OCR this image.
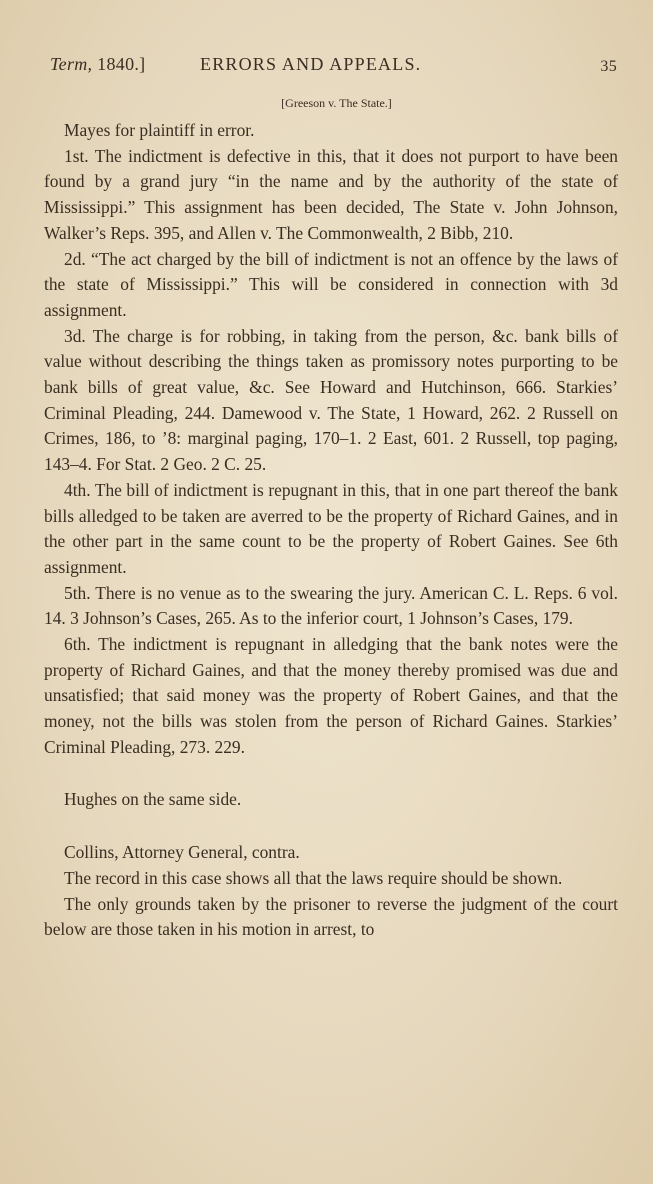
Term, 1840.]	ERRORS AND APPEALS.	35
[Greeson v. The State.]

Mayes for plaintiff in error.

1st. The indictment is defective in this, that it does not purport to have been found by a grand jury “in the name and by the authority of the state of Mississippi.” This assignment has been decided, The State v. John Johnson, Walker’s Reps. 395, and Allen v. The Commonwealth, 2 Bibb, 210.

2d. “The act charged by the bill of indictment is not an offence by the laws of the state of Mississippi.” This will be considered in connection with 3d assignment.

3d. The charge is for robbing, in taking from the person, &c. bank bills of value without describing the things taken as promissory notes purporting to be bank bills of great value, &c. See Howard and Hutchinson, 666. Starkies’ Criminal Pleading, 244. Damewood v. The State, 1 Howard, 262. 2 Russell on Crimes, 186, to ’8: marginal paging, 170–1. 2 East, 601. 2 Russell, top paging, 143–4. For Stat. 2 Geo. 2 C. 25.

4th. The bill of indictment is repugnant in this, that in one part thereof the bank bills alledged to be taken are averred to be the property of Richard Gaines, and in the other part in the same count to be the property of Robert Gaines. See 6th assignment.

5th. There is no venue as to the swearing the jury. American C. L. Reps. 6 vol. 14. 3 Johnson’s Cases, 265. As to the inferior court, 1 Johnson’s Cases, 179.

6th. The indictment is repugnant in alledging that the bank notes were the property of Richard Gaines, and that the money thereby promised was due and unsatisfied; that said money was the property of Robert Gaines, and that the money, not the bills was stolen from the person of Richard Gaines. Starkies’ Criminal Pleading, 273. 229.

Hughes on the same side.

Collins, Attorney General, contra.

The record in this case shows all that the laws require should be shown.

The only grounds taken by the prisoner to reverse the judgment of the court below are those taken in his motion in arrest, to
